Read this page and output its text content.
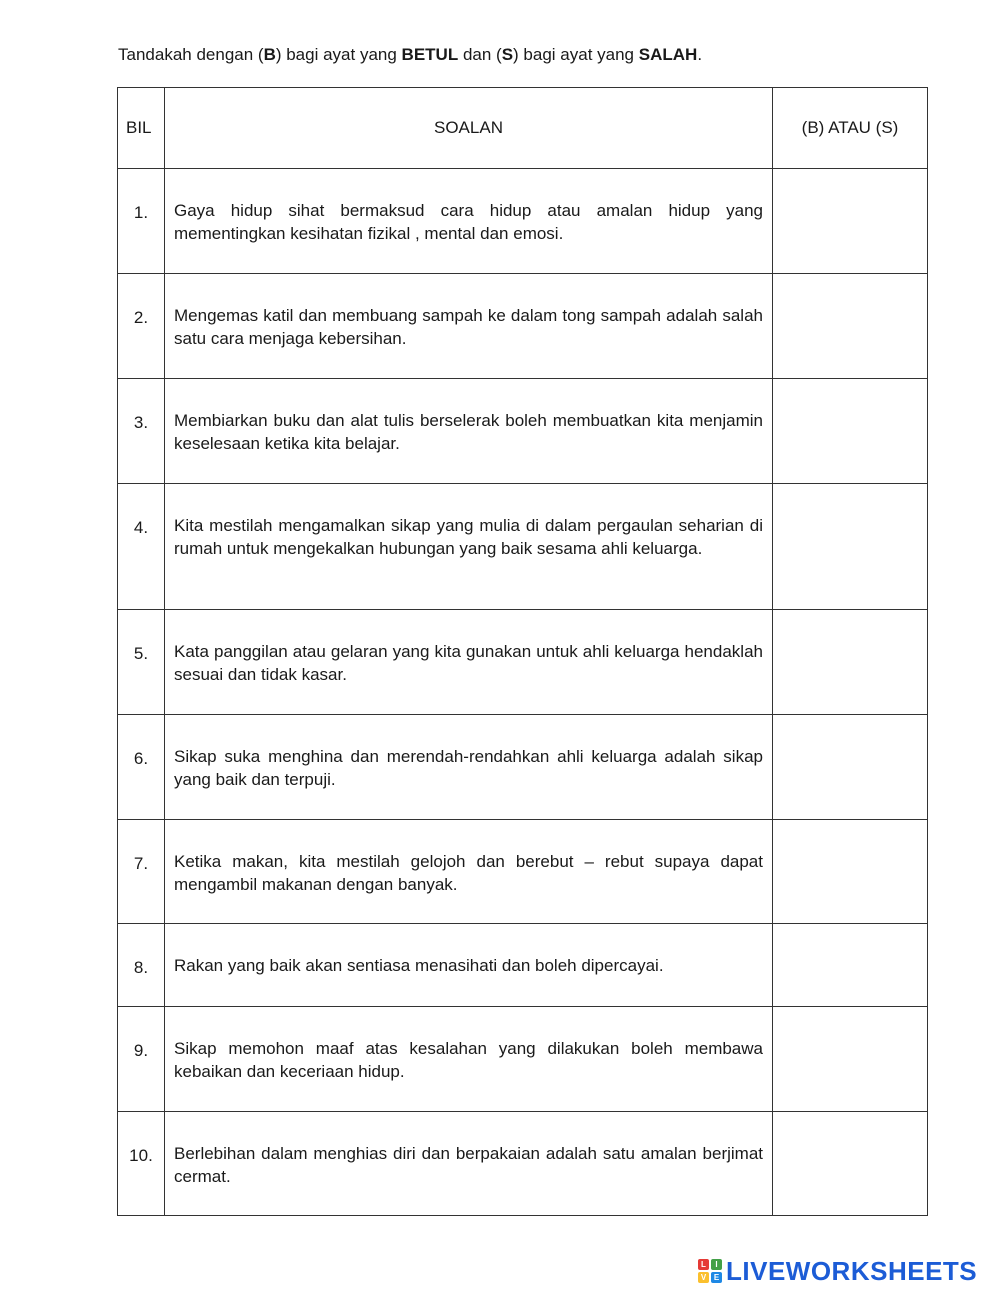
Tandakah dengan (B) bagi ayat yang BETUL dan (S) bagi ayat yang SALAH.
BIL	SOALAN	(B) ATAU (S)
1.	Gaya hidup sihat bermaksud cara hidup atau amalan hidup yang mementingkan kesihatan fizikal , mental dan emosi.	

2.	Mengemas katil dan membuang sampah ke dalam tong sampah adalah salah satu cara menjaga kebersihan.	

3.	Membiarkan buku dan alat tulis berselerak boleh membuatkan kita menjamin keselesaan ketika kita belajar.	

4.	Kita mestilah mengamalkan sikap yang mulia di dalam pergaulan seharian di rumah untuk mengekalkan hubungan yang baik sesama ahli keluarga.	

5.	Kata panggilan atau gelaran yang kita gunakan untuk ahli keluarga hendaklah sesuai dan tidak kasar.	

6.	Sikap suka menghina dan merendah-rendahkan ahli keluarga adalah sikap yang baik dan terpuji.	

7.	Ketika makan, kita mestilah gelojoh dan berebut – rebut supaya dapat mengambil makanan dengan banyak.	

8.	Rakan yang baik akan sentiasa menasihati dan boleh dipercayai.	

9.	Sikap memohon maaf atas kesalahan yang dilakukan boleh membawa kebaikan dan keceriaan hidup.	

10.	Berlebihan dalam menghias diri dan berpakaian adalah satu amalan berjimat cermat.	
L	I
V E LIVEWORKSHEETS
